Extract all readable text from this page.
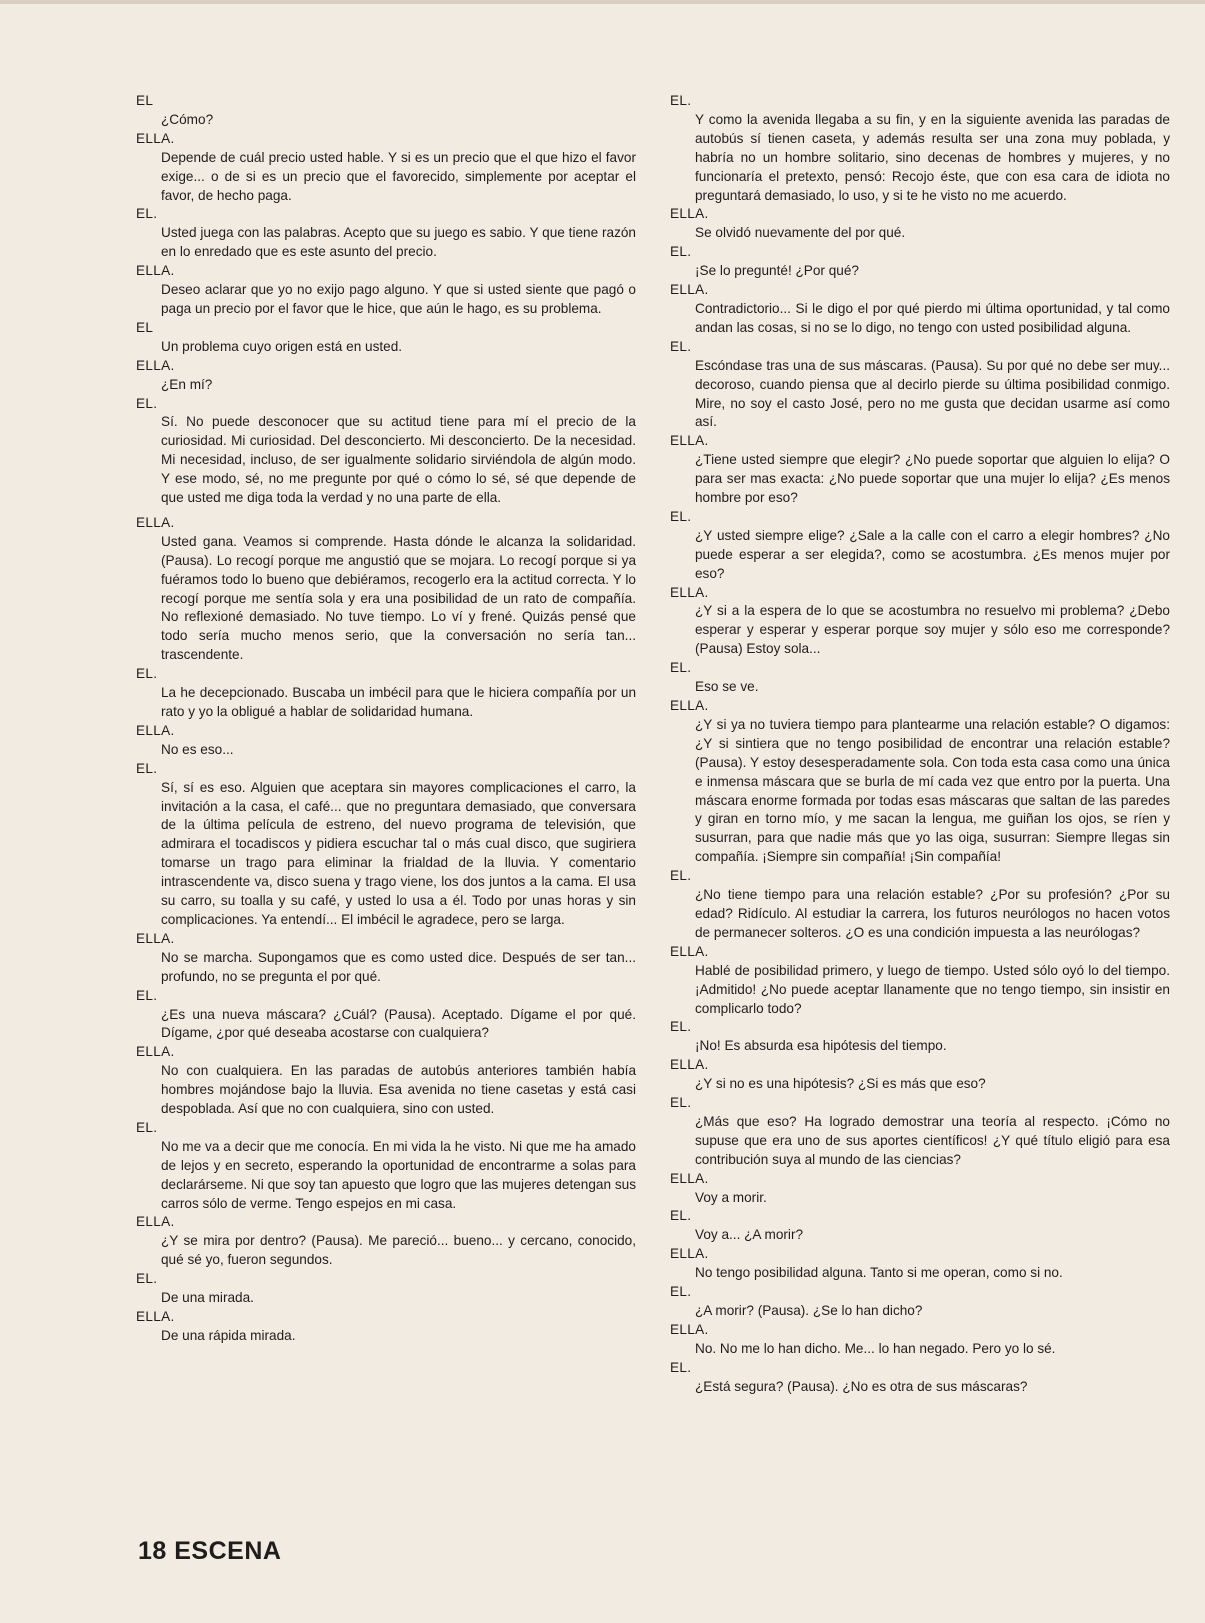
EL

¿Cómo?

ELLA.

Depende de cuál precio usted hable. Y si es un precio que el que hizo el favor exige... o de si es un precio que el favorecido, simplemente por aceptar el favor, de hecho paga.

EL.

Usted juega con las palabras. Acepto que su juego es sabio. Y que tiene razón en lo enredado que es este asunto del precio.

ELLA.

Deseo aclarar que yo no exijo pago alguno. Y que si usted siente que pagó o paga un precio por el favor que le hice, que aún le hago, es su problema.

EL

Un problema cuyo origen está en usted.

ELLA.

¿En mí?

EL.

Sí. No puede desconocer que su actitud tiene para mí el precio de la curiosidad. Mi curiosidad. Del desconcierto. Mi desconcierto. De la necesidad. Mi necesidad, incluso, de ser igualmente solidario sirviéndola de algún modo. Y ese modo, sé, no me pregunte por qué o cómo lo sé, sé que depende de que usted me diga toda la verdad y no una parte de ella.

ELLA.

Usted gana. Veamos si comprende. Hasta dónde le alcanza la solidaridad. (Pausa). Lo recogí porque me angustió que se mojara. Lo recogí porque si ya fuéramos todo lo bueno que debiéramos, recogerlo era la actitud correcta. Y lo recogí porque me sentía sola y era una posibilidad de un rato de compañía. No reflexioné demasiado. No tuve tiempo. Lo ví y frené. Quizás pensé que todo sería mucho menos serio, que la conversación no sería tan... trascendente.

EL.

La he decepcionado. Buscaba un imbécil para que le hiciera compañía por un rato y yo la obligué a hablar de solidaridad humana.

ELLA.

No es eso...

EL.

Sí, sí es eso. Alguien que aceptara sin mayores complicaciones el carro, la invitación a la casa, el café... que no preguntara demasiado, que conversara de la última película de estreno, del nuevo programa de televisión, que admirara el tocadiscos y pidiera escuchar tal o más cual disco, que sugiriera tomarse un trago para eliminar la frialdad de la lluvia. Y comentario intrascendente va, disco suena y trago viene, los dos juntos a la cama. El usa su carro, su toalla y su café, y usted lo usa a él. Todo por unas horas y sin complicaciones. Ya entendí... El imbécil le agradece, pero se larga.

ELLA.

No se marcha. Supongamos que es como usted dice. Después de ser tan... profundo, no se pregunta el por qué.

EL.

¿Es una nueva máscara? ¿Cuál? (Pausa). Aceptado. Dígame el por qué. Dígame, ¿por qué deseaba acostarse con cualquiera?

ELLA.

No con cualquiera. En las paradas de autobús anteriores también había hombres mojándose bajo la lluvia. Esa avenida no tiene casetas y está casi despoblada. Así que no con cualquiera, sino con usted.

EL.

No me va a decir que me conocía. En mi vida la he visto. Ni que me ha amado de lejos y en secreto, esperando la oportunidad de encontrarme a solas para declarárseme. Ni que soy tan apuesto que logro que las mujeres detengan sus carros sólo de verme. Tengo espejos en mi casa.

ELLA.

¿Y se mira por dentro? (Pausa). Me pareció... bueno... y cercano, conocido, qué sé yo, fueron segundos.

EL.

De una mirada.

ELLA.

De una rápida mirada.

EL.

Y como la avenida llegaba a su fin, y en la siguiente avenida las paradas de autobús sí tienen caseta, y además resulta ser una zona muy poblada, y habría no un hombre solitario, sino decenas de hombres y mujeres, y no funcionaría el pretexto, pensó: Recojo éste, que con esa cara de idiota no preguntará demasiado, lo uso, y si te he visto no me acuerdo.

ELLA.

Se olvidó nuevamente del por qué.

EL.

¡Se lo pregunté! ¿Por qué?

ELLA.

Contradictorio... Si le digo el por qué pierdo mi última oportunidad, y tal como andan las cosas, si no se lo digo, no tengo con usted posibilidad alguna.

EL.

Escóndase tras una de sus máscaras. (Pausa). Su por qué no debe ser muy... decoroso, cuando piensa que al decirlo pierde su última posibilidad conmigo. Mire, no soy el casto José, pero no me gusta que decidan usarme así como así.

ELLA.

¿Tiene usted siempre que elegir? ¿No puede soportar que alguien lo elija? O para ser mas exacta: ¿No puede soportar que una mujer lo elija? ¿Es menos hombre por eso?

EL.

¿Y usted siempre elige? ¿Sale a la calle con el carro a elegir hombres? ¿No puede esperar a ser elegida?, como se acostumbra. ¿Es menos mujer por eso?

ELLA.

¿Y si a la espera de lo que se acostumbra no resuelvo mi problema? ¿Debo esperar y esperar y esperar porque soy mujer y sólo eso me corresponde? (Pausa) Estoy sola...

EL.

Eso se ve.

ELLA.

¿Y si ya no tuviera tiempo para plantearme una relación estable? O digamos: ¿Y si sintiera que no tengo posibilidad de encontrar una relación estable? (Pausa). Y estoy desesperadamente sola. Con toda esta casa como una única e inmensa máscara que se burla de mí cada vez que entro por la puerta. Una máscara enorme formada por todas esas máscaras que saltan de las paredes y giran en torno mío, y me sacan la lengua, me guiñan los ojos, se ríen y susurran, para que nadie más que yo las oiga, susurran: Siempre llegas sin compañía. ¡Siempre sin compañía! ¡Sin compañía!

EL.

¿No tiene tiempo para una relación estable? ¿Por su profesión? ¿Por su edad? Ridículo. Al estudiar la carrera, los futuros neurólogos no hacen votos de permanecer solteros. ¿O es una condición impuesta a las neurólogas?

ELLA.

Hablé de posibilidad primero, y luego de tiempo. Usted sólo oyó lo del tiempo. ¡Admitido! ¿No puede aceptar llanamente que no tengo tiempo, sin insistir en complicarlo todo?

EL.

¡No! Es absurda esa hipótesis del tiempo.

ELLA.

¿Y si no es una hipótesis? ¿Si es más que eso?

EL.

¿Más que eso? Ha logrado demostrar una teoría al respecto. ¡Cómo no supuse que era uno de sus aportes científicos! ¿Y qué título eligió para esa contribución suya al mundo de las ciencias?

ELLA.

Voy a morir.

EL.

Voy a... ¿A morir?

ELLA.

No tengo posibilidad alguna. Tanto si me operan, como si no.

EL.

¿A morir? (Pausa). ¿Se lo han dicho?

ELLA.

No. No me lo han dicho. Me... lo han negado. Pero yo lo sé.

EL.

¿Está segura? (Pausa). ¿No es otra de sus máscaras?

18 ESCENA
